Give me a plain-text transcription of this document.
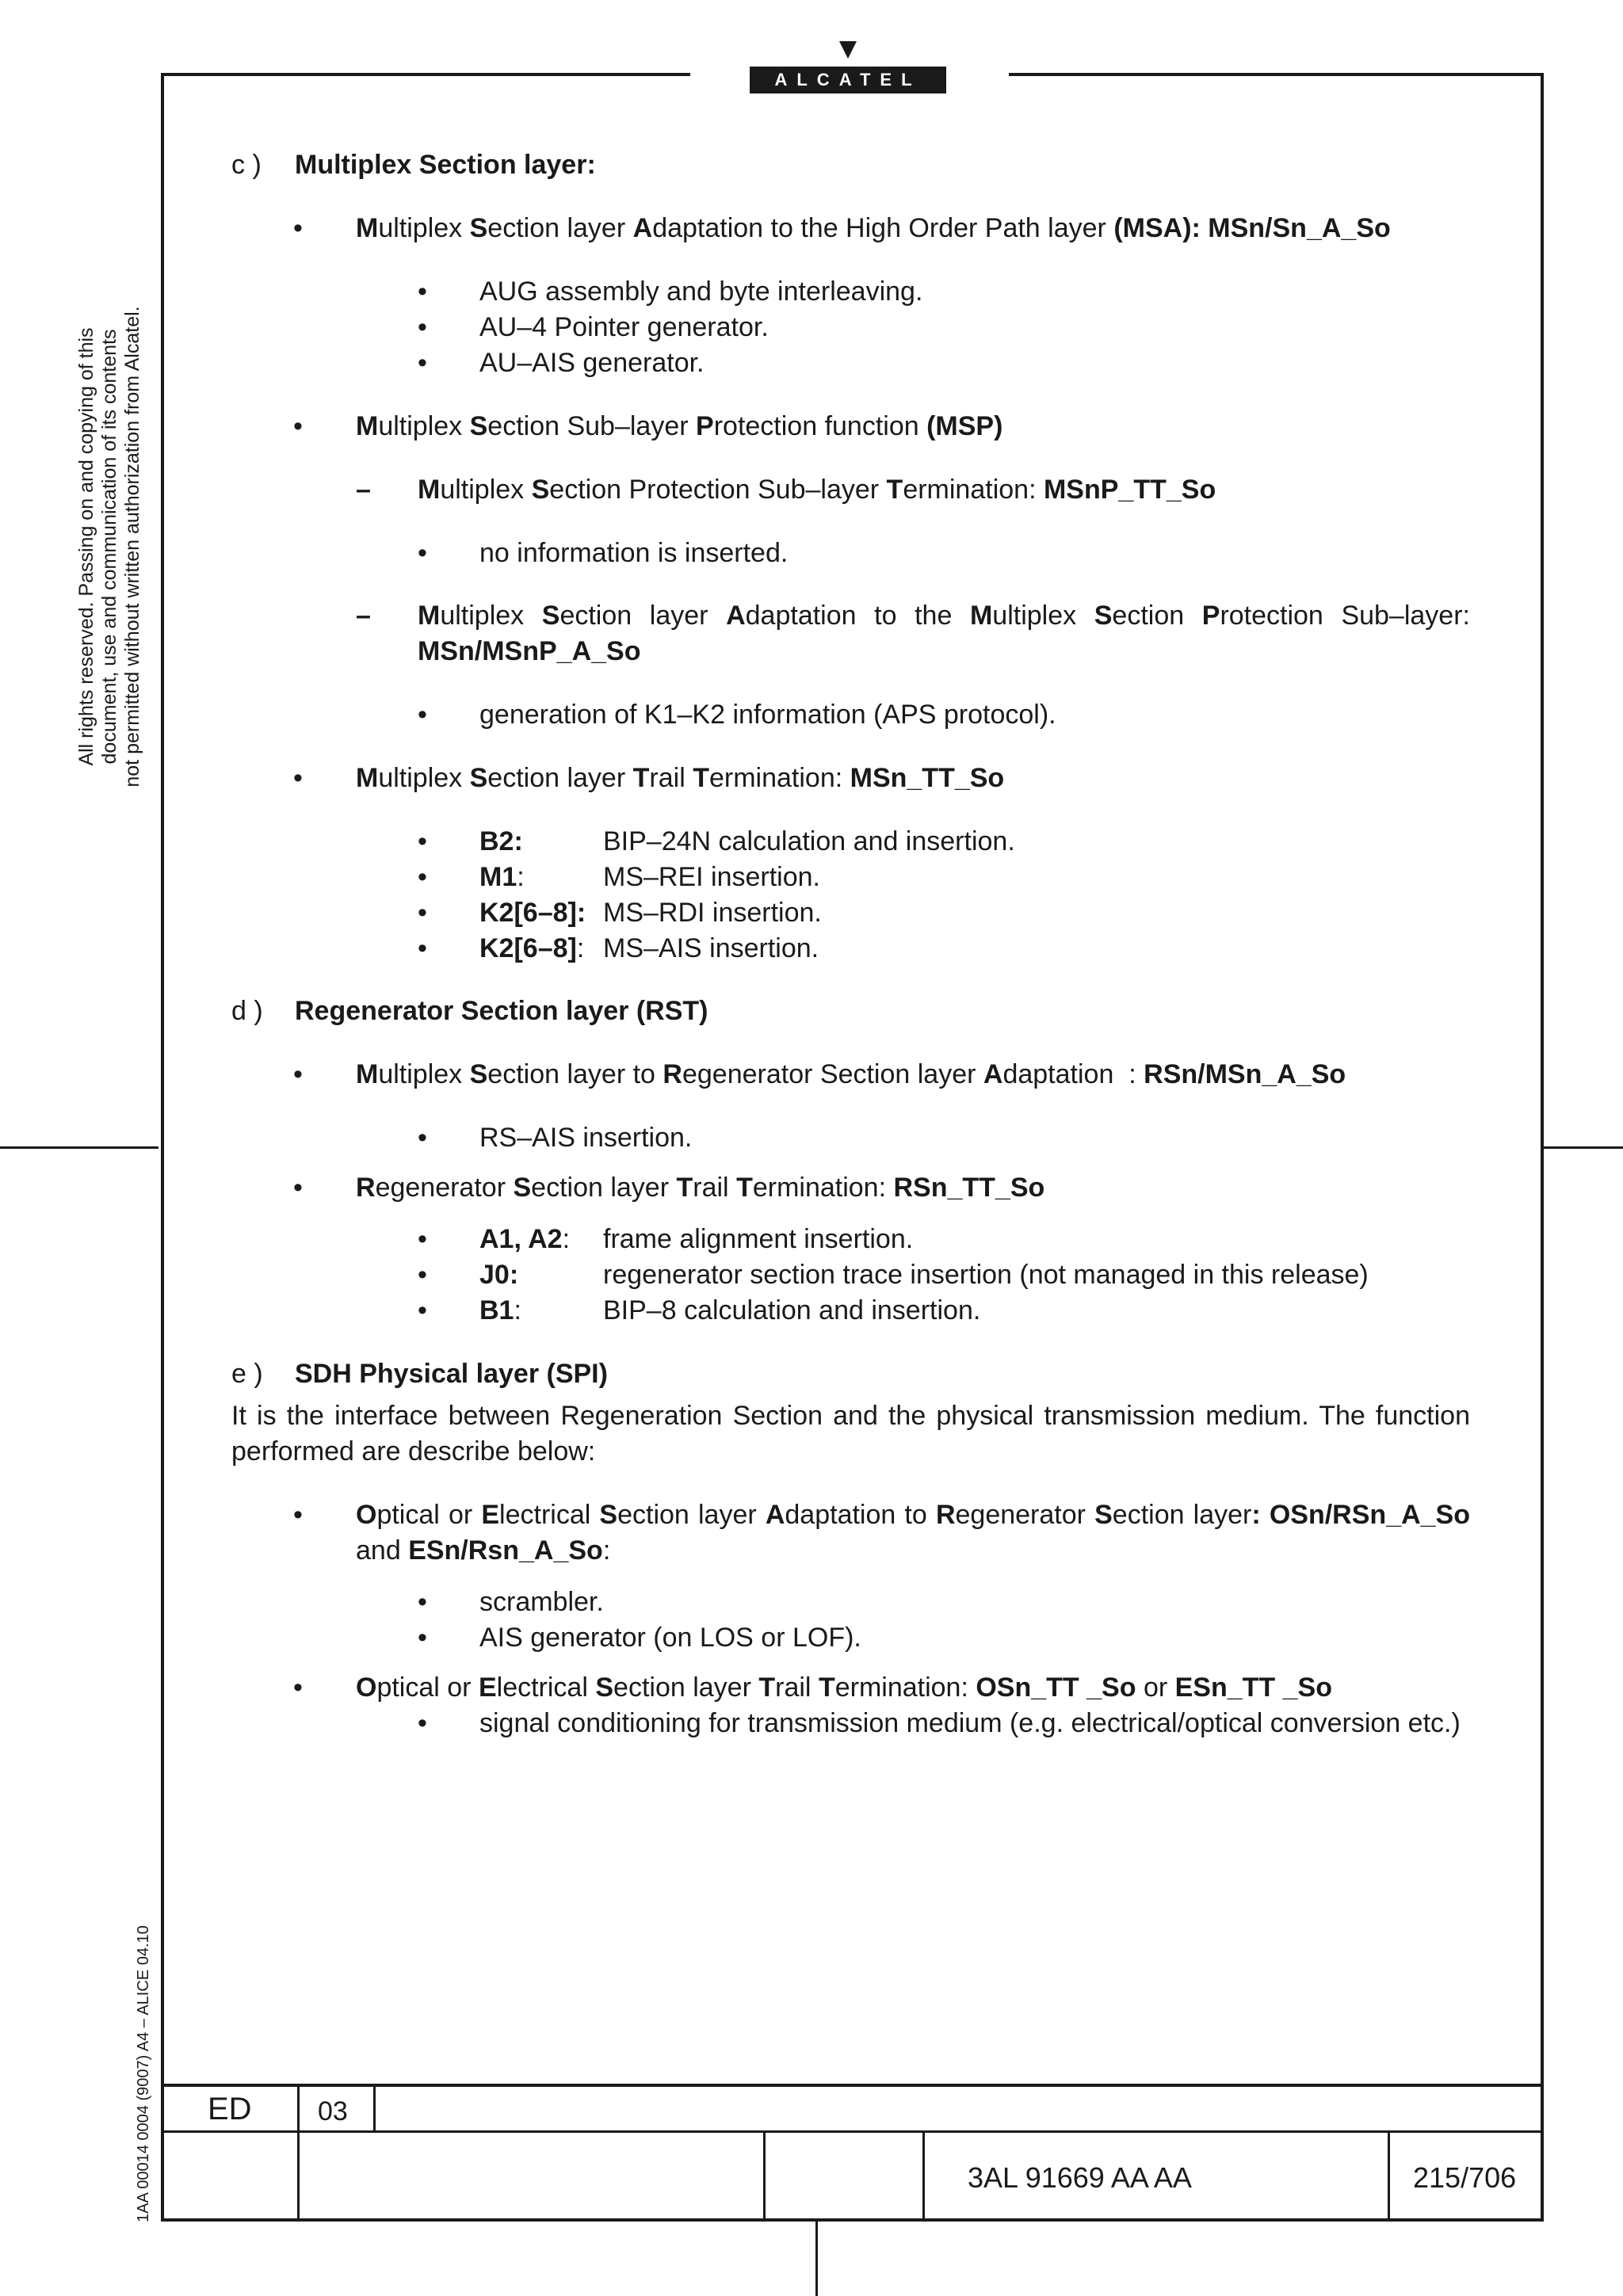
ALCATEL
All rights reserved. Passing on and copying of this document, use and communication of its contents not permitted without written authorization from Alcatel.
1AA 00014 0004 (9007) A4 – ALICE 04.10
c ) Multiplex Section layer:
• Multiplex Section layer Adaptation to the High Order Path layer (MSA): MSn/Sn_A_So
• AUG assembly and byte interleaving.
• AU–4 Pointer generator.
• AU–AIS generator.
• Multiplex Section Sub–layer Protection function (MSP)
– Multiplex Section Protection Sub–layer Termination: MSnP_TT_So
• no information is inserted.
– Multiplex Section layer Adaptation to the Multiplex Section Protection Sub–layer:
MSn/MSnP_A_So
• generation of K1–K2 information (APS protocol).
• Multiplex Section layer Trail Termination: MSn_TT_So
• B2:	BIP–24N calculation and insertion.
• M1:	MS–REI insertion.
• K2[6–8]: MS–RDI insertion.
• K2[6–8]: MS–AIS insertion.
d ) Regenerator Section layer (RST)
• Multiplex Section layer to Regenerator Section layer Adaptation  : RSn/MSn_A_So
• RS–AIS insertion.
• Regenerator Section layer Trail Termination: RSn_TT_So
• A1, A2: frame alignment insertion.
• J0:	regenerator section trace insertion (not managed in this release)
• B1:	BIP–8 calculation and insertion.
e ) SDH Physical layer (SPI)
It is the interface between Regeneration Section and the physical transmission medium. The function
performed are describe below:
• Optical or Electrical Section layer Adaptation to Regenerator Section layer: OSn/RSn_A_So
and ESn/Rsn_A_So:
• scrambler.
• AIS generator (on LOS or LOF).
• Optical or Electrical Section layer Trail Termination: OSn_TT _So or ESn_TT _So
• signal conditioning for transmission medium (e.g. electrical/optical conversion etc.)
ED 03
3AL 91669 AA AA	215/706
